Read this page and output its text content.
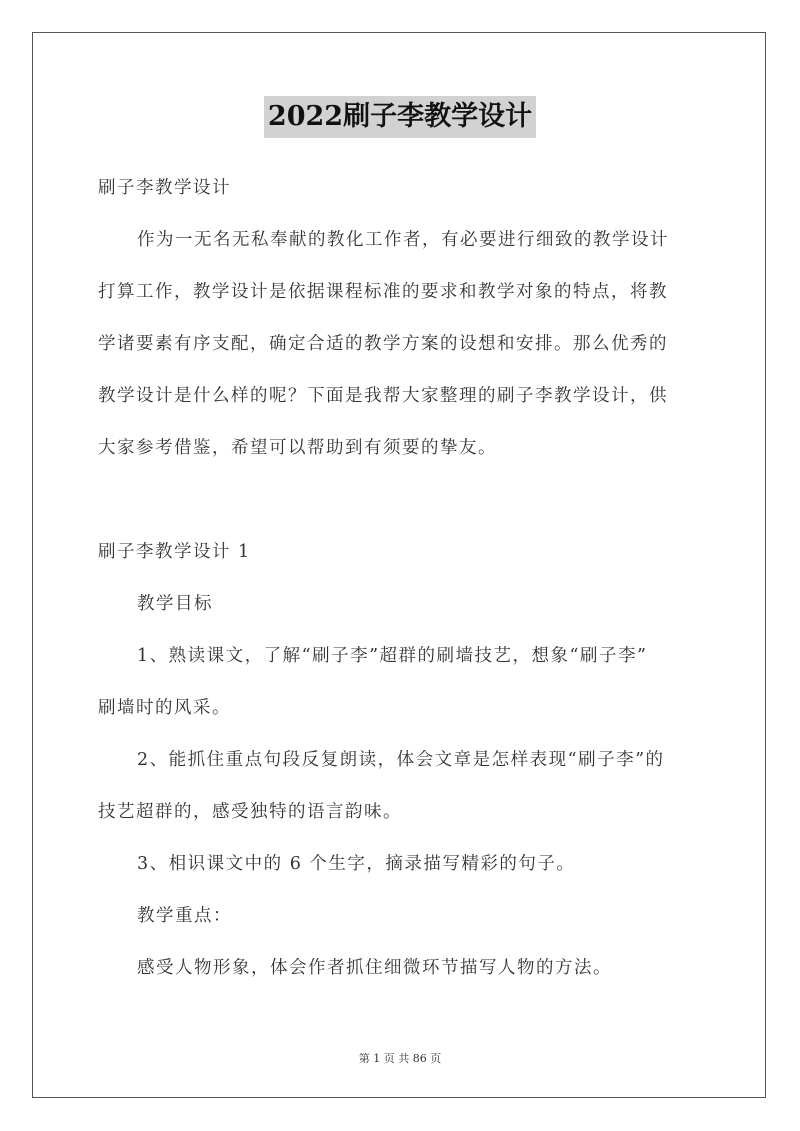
2022刷子李教学设计
刷子李教学设计
作为一无名无私奉献的教化工作者，有必要进行细致的教学设计
打算工作，教学设计是依据课程标准的要求和教学对象的特点，将教
学诸要素有序支配，确定合适的教学方案的设想和安排。那么优秀的
教学设计是什么样的呢？下面是我帮大家整理的刷子李教学设计，供
大家参考借鉴，希望可以帮助到有须要的挚友。
刷子李教学设计 1
教学目标
1、熟读课文，了解“刷子李”超群的刷墙技艺，想象“刷子李”
刷墙时的风采。
2、能抓住重点句段反复朗读，体会文章是怎样表现“刷子李”的
技艺超群的，感受独特的语言韵味。
3、相识课文中的 6 个生字，摘录描写精彩的句子。
教学重点：
感受人物形象，体会作者抓住细微环节描写人物的方法。
第 1 页 共 86 页
